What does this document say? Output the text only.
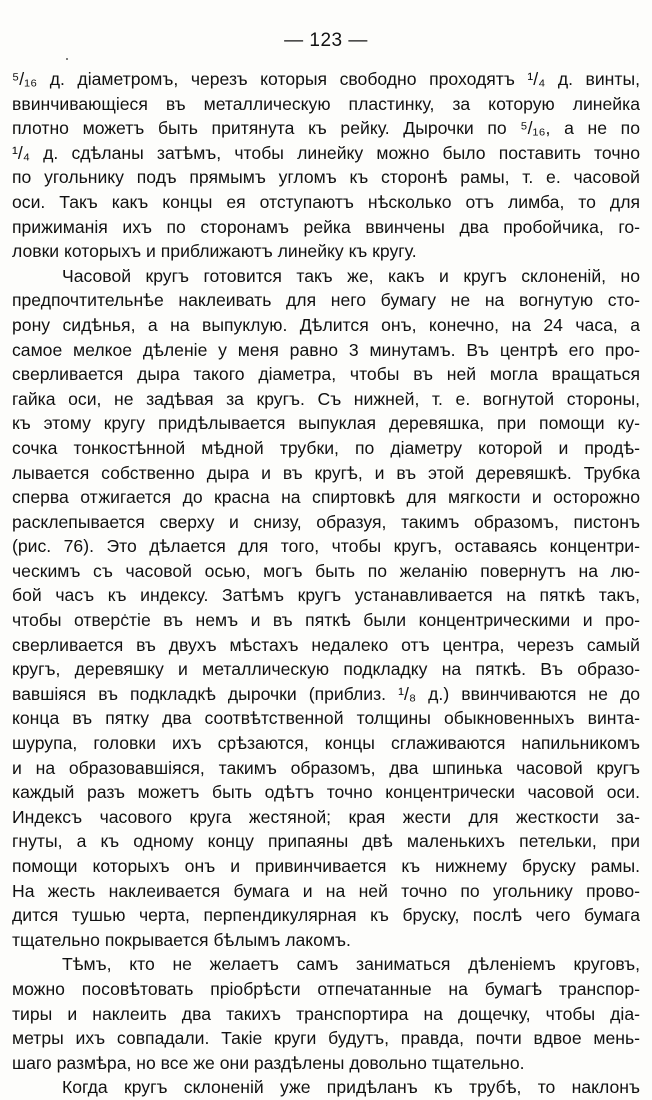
— 123 —
⁵/₁₆ д. діаметромъ, черезъ которыя свободно проходятъ ¹/₄ д. винты,
ввинчивающіеся въ металлическую пластинку, за которую линейка
плотно можетъ быть притянута къ рейку. Дырочки по ⁵/₁₆, а не по
¹/₄ д. сдѣланы затѣмъ, чтобы линейку можно было поставить точно
по угольнику подъ прямымъ угломъ къ сторонѣ рамы, т. е. часовой
оси. Такъ какъ концы ея отступаютъ нѣсколько отъ лимба, то для
прижиманія ихъ по сторонамъ рейка ввинчены два пробойчика, го-
ловки которыхъ и приближаютъ линейку къ кругу.
Часовой кругъ готовится такъ же, какъ и кругъ склоненій, но
предпочтительнѣе наклеивать для него бумагу не на вогнутую сто-
рону сидѣнья, а на выпуклую. Дѣлится онъ, конечно, на 24 часа, а
самое мелкое дѣленіе у меня равно 3 минутамъ. Въ центрѣ его про-
сверливается дыра такого діаметра, чтобы въ ней могла вращаться
гайка оси, не задѣвая за кругъ. Съ нижней, т. е. вогнутой стороны,
къ этому кругу придѣлывается выпуклая деревяшка, при помощи ку-
сочка тонкостѣнной мѣдной трубки, по діаметру которой и продѣ-
лывается собственно дыра и въ кругѣ, и въ этой деревяшкѣ. Трубка
сперва отжигается до красна на спиртовкѣ для мягкости и осторожно
расклепывается сверху и снизу, образуя, такимъ образомъ, пистонъ
(рис. 76). Это дѣлается для того, чтобы кругъ, оставаясь концентри-
ческимъ съ часовой осью, могъ быть по желанію повернутъ на лю-
бой часъ къ индексу. Затѣмъ кругъ устанавливается на пяткѣ такъ,
чтобы отверстіе въ немъ и въ пяткѣ были концентрическими и про-
сверливается въ двухъ мѣстахъ недалеко отъ центра, черезъ самый
кругъ, деревяшку и металлическую подкладку на пяткѣ. Въ образо-
вавшіяся въ подкладкѣ дырочки (приблиз. ¹/₈ д.) ввинчиваются не до
конца въ пятку два соотвѣтственной толщины обыкновенныхъ винта-
шурупа, головки ихъ срѣзаются, концы сглаживаются напильникомъ
и на образовавшіяся, такимъ образомъ, два шпинька часовой кругъ
каждый разъ можетъ быть одѣтъ точно концентрически часовой оси.
Индексъ часового круга жестяной; края жести для жесткости за-
гнуты, а къ одному концу припаяны двѣ маленькихъ петельки, при
помощи которыхъ онъ и привинчивается къ нижнему бруску рамы.
На жесть наклеивается бумага и на ней точно по угольнику прово-
дится тушью черта, перпендикулярная къ бруску, послѣ чего бумага
тщательно покрывается бѣлымъ лакомъ.
Тѣмъ, кто не желаетъ самъ заниматься дѣленіемъ круговъ,
можно посовѣтовать пріобрѣсти отпечатанные на бумагѣ транспор-
тиры и наклеить два такихъ транспортира на дощечку, чтобы діа-
метры ихъ совпадали. Такіе круги будутъ, правда, почти вдвое мень-
шаго размѣра, но все же они раздѣлены довольно тщательно.
Когда кругъ склоненій уже придѣланъ къ трубѣ, то наклонъ
